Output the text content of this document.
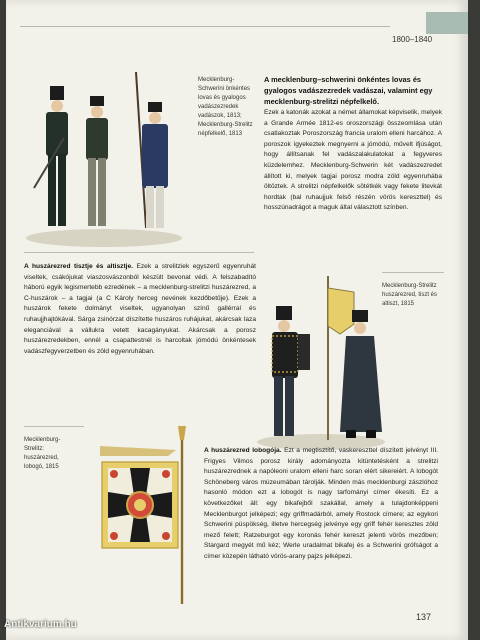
1800–1840
Mecklenburg-Schwerini önkéntes lovas és gyalogos vadászezredek vadászok, 1813; Mecklenburg-Strelitz népfelkelő, 1813
A mecklenburg–schwerini önkéntes lovas és gyalogos vadászezredek vadászai, valamint egy mecklenburg-strelitzi népfelkelő.
Ezek a katonák azokat a német államokat képviselik, melyek a Grande Armée 1812-es oroszországi összeomlása után csatlakoztak Poroszország francia uralom elleni harcához. A poroszok ígyekeztek megnyerni a jómódú, művelt ifjúságot, hogy állítsanak fel vadászalakulatokat a fegyveres küzdelemhez. Mecklenburg-Schwerin két vadászezredet állított ki, melyek tagjai porosz modra zöld egyenruhába öltöztek. A strelitzi népfelkelők sötétkék vagy fekete litevkát hordtak (bal ruhaujjuk felső részén vörös kereszttel) és hosszúnadrágot a maguk által választott színben.
A huszárezred tisztje és altisztje. Ezek a strelitziek egyszerű egyenruhát viseltek, csákójukat viaszosvászonból készült bevonat védi. A felszabadító háború egyik legismertebb ezredének – a mecklenburg-strelitzi huszárezred, a C-huszárok – a tagjai (a C Károly herceg nevének kezdőbetűje). Ezek a huszárok fekete dolmányt viseltek, ugyanolyan színű gallérral és ruhaujjhajtókával. Sárga zsinórzat díszítette huszáros ruhájukat, akárcsak laza eleganciával a vállukra vetett kacagányukat. Akárcsak a porosz huszárezredekben, ennél a csapattestnél is harcoltak jómódú önkéntesek vadászfegyverzetben és zöld egyenruhában.
Mecklenburg-Strelitz huszárezred, tiszt és altiszt, 1815
Mecklenburg-Strelitz: huszárezred, lobogó, 1815
A huszárezred lobogója. Ezt a megtisztítő, vaskereszttel díszített jelvényt III. Frigyes Vilmos porosz király adományozta kitüntetésként a strelitzi huszárezrednek a napóleoni uralom elleni harc soran elért sikereiért. A lobogót Schöneberg város múzeumában tárolják. Minden más mecklenburgi zászlóhoz hasonló módon ezt a lobogót is nagy tarfományi címer ékesíti. Ez a következőket áll: egy bikafejből szakállal, amely a tulajdonképpeni Mecklenburgot jelképezi; egy griffmadárból, amely Rostock címere; az egykori Schwerini püspökség, illetve hercegség jelvénye egy griff fehér keresztes zöld mező felett; Ratzeburgot egy koronás fehér kereszt jelenti vörös mezőben; Stargard megyét mű kéz; Werle uradalmat bikafej és a Schwerini grófságot a címer közepén látható vörös-arany pajzs jelképezi.
137
Antikvarium.hu
